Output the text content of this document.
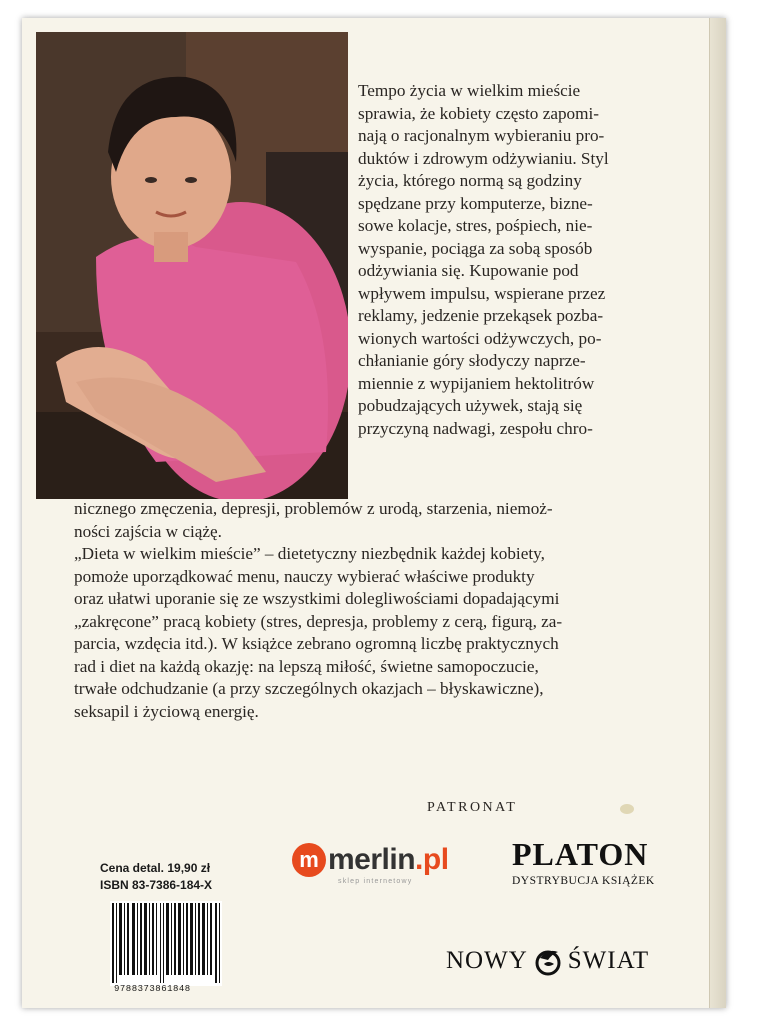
Tempo życia w wielkim mieście

sprawia, że kobiety często zapomi-

nają o racjonalnym wybieraniu pro-

duktów i zdrowym odżywianiu. Styl

życia, którego normą są godziny

spędzane przy komputerze, bizne-

sowe kolacje, stres, pośpiech, nie-

wyspanie, pociąga za sobą sposób

odżywiania się. Kupowanie pod

wpływem impulsu, wspierane przez

reklamy, jedzenie przekąsek pozba-

wionych wartości odżywczych, po-

chłanianie góry słodyczy naprze-

miennie z wypijaniem hektolitrów

pobudzających używek, stają się

przyczyną nadwagi, zespołu chro-

nicznego zmęczenia, depresji, problemów z urodą, starzenia, niemoż-

ności zajścia w ciążę.

„Dieta w wielkim mieście” – dietetyczny niezbędnik każdej kobiety,

pomoże uporządkować menu, nauczy wybierać właściwe produkty

oraz ułatwi uporanie się ze wszystkimi dolegliwościami dopadającymi

„zakręcone” pracą kobiety (stres, depresja, problemy z cerą, figurą, za-

parcia, wzdęcia itd.). W książce zebrano ogromną liczbę praktycznych

rad i diet na każdą okazję: na lepszą miłość, świetne samopoczucie,

trwałe odchudzanie (a przy szczególnych okazjach – błyskawiczne),

seksapil i życiową energię.

PATRONAT
Cena detal. 19,90 zł
ISBN 83-7386-184-X
9788373861848
m merlin.pl
sklep internetowy
PLATON
DYSTRYBUCJA KSIĄŻEK
NOWY ŚWIAT
